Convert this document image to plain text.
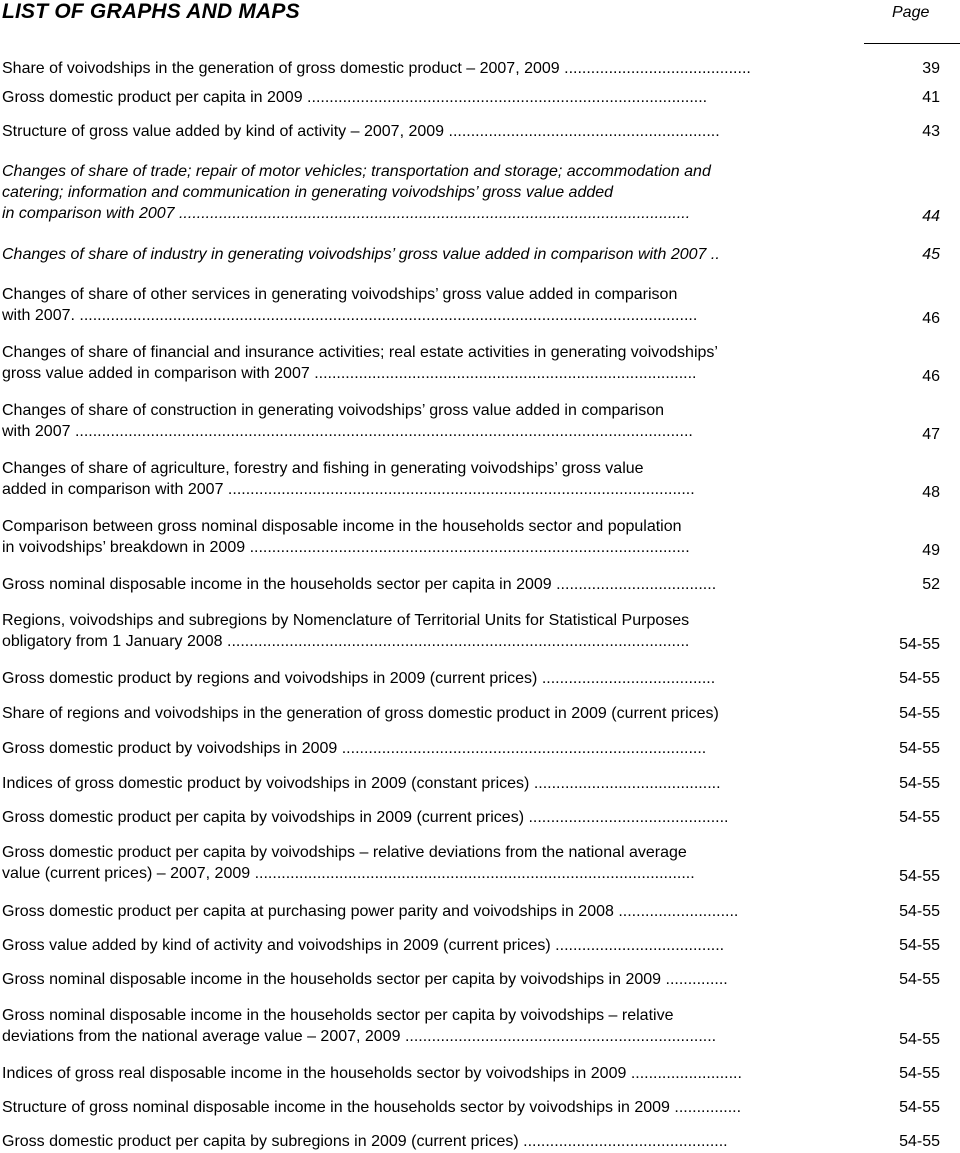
LIST OF GRAPHS AND MAPS	Page
Share of voivodships in the generation of gross domestic product – 2007, 2009 ..........................................	39
Gross domestic product per capita in 2009 ..........................................................................................	41
Structure of gross value added by kind of activity – 2007, 2009 .............................................................	43
Changes of share of trade; repair of motor vehicles; transportation and storage; accommodation and
catering; information and communication in generating voivodships’ gross value added
in comparison with 2007 ...................................................................................................................	44
Changes of share of industry in generating voivodships’ gross value added in comparison with 2007 ..	45
Changes of share of other services in generating voivodships’ gross value added in comparison
with 2007. ...........................................................................................................................................	46
Changes of share of financial and insurance activities; real estate activities in generating voivodships’
gross value added in comparison with 2007 ......................................................................................	46
Changes of share of construction in generating voivodships’ gross value added in comparison
with 2007 ...........................................................................................................................................	47
Changes of share of agriculture, forestry and fishing in generating voivodships’ gross value
added in comparison with 2007 .........................................................................................................	48
Comparison between gross nominal disposable income in the households sector and population
in voivodships’ breakdown in 2009 ...................................................................................................	49
Gross nominal disposable income in the households sector per capita in 2009 ....................................	52
Regions, voivodships and subregions by Nomenclature of Territorial Units for Statistical Purposes
obligatory from 1 January 2008 ........................................................................................................	54-55
Gross domestic product by regions and voivodships in 2009 (current prices) .......................................	54-55
Share of regions and voivodships in the generation of gross domestic product in 2009 (current prices)	54-55
Gross domestic product by voivodships in 2009 ..................................................................................	54-55
Indices of gross domestic product by voivodships in 2009 (constant prices) ..........................................	54-55
Gross domestic product per capita by voivodships in 2009 (current prices) .............................................	54-55
Gross domestic product per capita by voivodships – relative deviations from the national average
value (current prices) – 2007, 2009 ...................................................................................................	54-55
Gross domestic product per capita at purchasing power parity and voivodships in 2008 ...........................	54-55
Gross value added by kind of activity and voivodships in 2009 (current prices) ......................................	54-55
Gross nominal disposable income in the households sector per capita by voivodships in 2009 ..............	54-55
Gross nominal disposable income in the households sector per capita by voivodships – relative
deviations from the national average value – 2007, 2009 ......................................................................	54-55
Indices of gross real disposable income in the households sector by voivodships in 2009 .........................	54-55
Structure of gross nominal disposable income in the households sector by voivodships in 2009 ...............	54-55
Gross domestic product per capita by subregions in 2009 (current prices) ..............................................	54-55
